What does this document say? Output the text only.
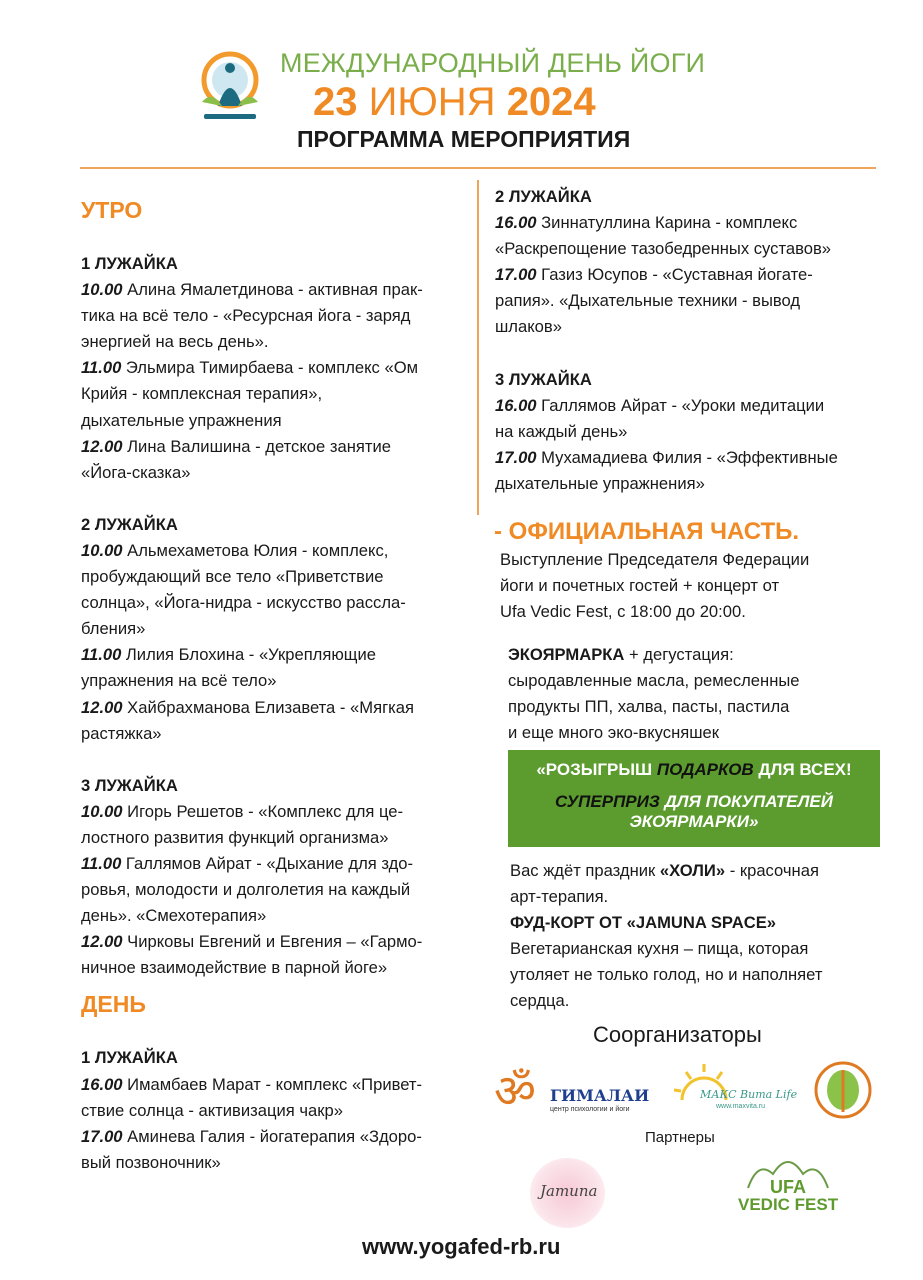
МЕЖДУНАРОДНЫЙ ДЕНЬ ЙОГИ
23 ИЮНЯ 2024
ПРОГРАММА МЕРОПРИЯТИЯ
УТРО
1 ЛУЖАЙКА
10.00 Алина Ямалетдинова - активная прак-
тика на всё тело - «Ресурсная йога - заряд
энергией на весь день».
11.00 Эльмира Тимирбаева - комплекс «Ом
Крийя - комплексная терапия»,
дыхательные упражнения
12.00 Лина Валишина - детское занятие
«Йога-сказка»
2 ЛУЖАЙКА
10.00 Альмехаметова Юлия - комплекс,
пробуждающий все тело «Приветствие
солнца», «Йога-нидра - искусство рассла-
бления»
11.00 Лилия Блохина - «Укрепляющие
упражнения на всё тело»
12.00 Хайбрахманова Елизавета - «Мягкая
растяжка»
3 ЛУЖАЙКА
10.00 Игорь Решетов - «Комплекс для це-
лостного развития функций организма»
11.00 Галлямов Айрат - «Дыхание для здо-
ровья, молодости и долголетия на каждый
день». «Смехотерапия»
12.00 Чирковы Евгений и Евгения – «Гармо-
ничное взаимодействие в парной йоге»
ДЕНЬ
1 ЛУЖАЙКА
16.00 Имамбаев Марат - комплекс «Привет-
ствие солнца - активизация чакр»
17.00 Аминева Галия - йогатерапия «Здоро-
вый позвоночник»
2 ЛУЖАЙКА
16.00 Зиннатуллина Карина - комплекс
«Раскрепощение тазобедренных суставов»
17.00 Газиз Юсупов - «Суставная йогате-
рапия». «Дыхательные техники - вывод
шлаков»
3 ЛУЖАЙКА
16.00 Галлямов Айрат - «Уроки медитации
на каждый день»
17.00 Мухамадиева Филия - «Эффективные
дыхательные упражнения»
- ОФИЦИАЛЬНАЯ ЧАСТЬ.
Выступление Председателя Федерации
йоги и почетных гостей + концерт от
Ufa Vedic Fest, с 18:00 до 20:00.
ЭКОЯРМАРКА + дегустация:
сыродавленные масла, ремесленные
продукты ПП, халва, пасты, пастила
и еще много эко-вкусняшек
«РОЗЫГРЫШ ПОДАРКОВ ДЛЯ ВСЕХ!
СУПЕРПРИЗ ДЛЯ ПОКУПАТЕЛЕЙ
ЭКОЯРМАРКИ»
Вас ждёт праздник «ХОЛИ» - красочная
арт-терапия.
ФУД-КОРТ ОТ «JAMUNA SPACE»
Вегетарианская кухня – пища, которая
утоляет не только голод, но и наполняет
сердца.
Соорганизаторы
ॐ ГИМАЛАИ
центр психологии и йоги
МАКС Вита Life
www.maxvita.ru
Партнеры
Jamuna	UFA
VEDIC FEST
www.yogafed-rb.ru
